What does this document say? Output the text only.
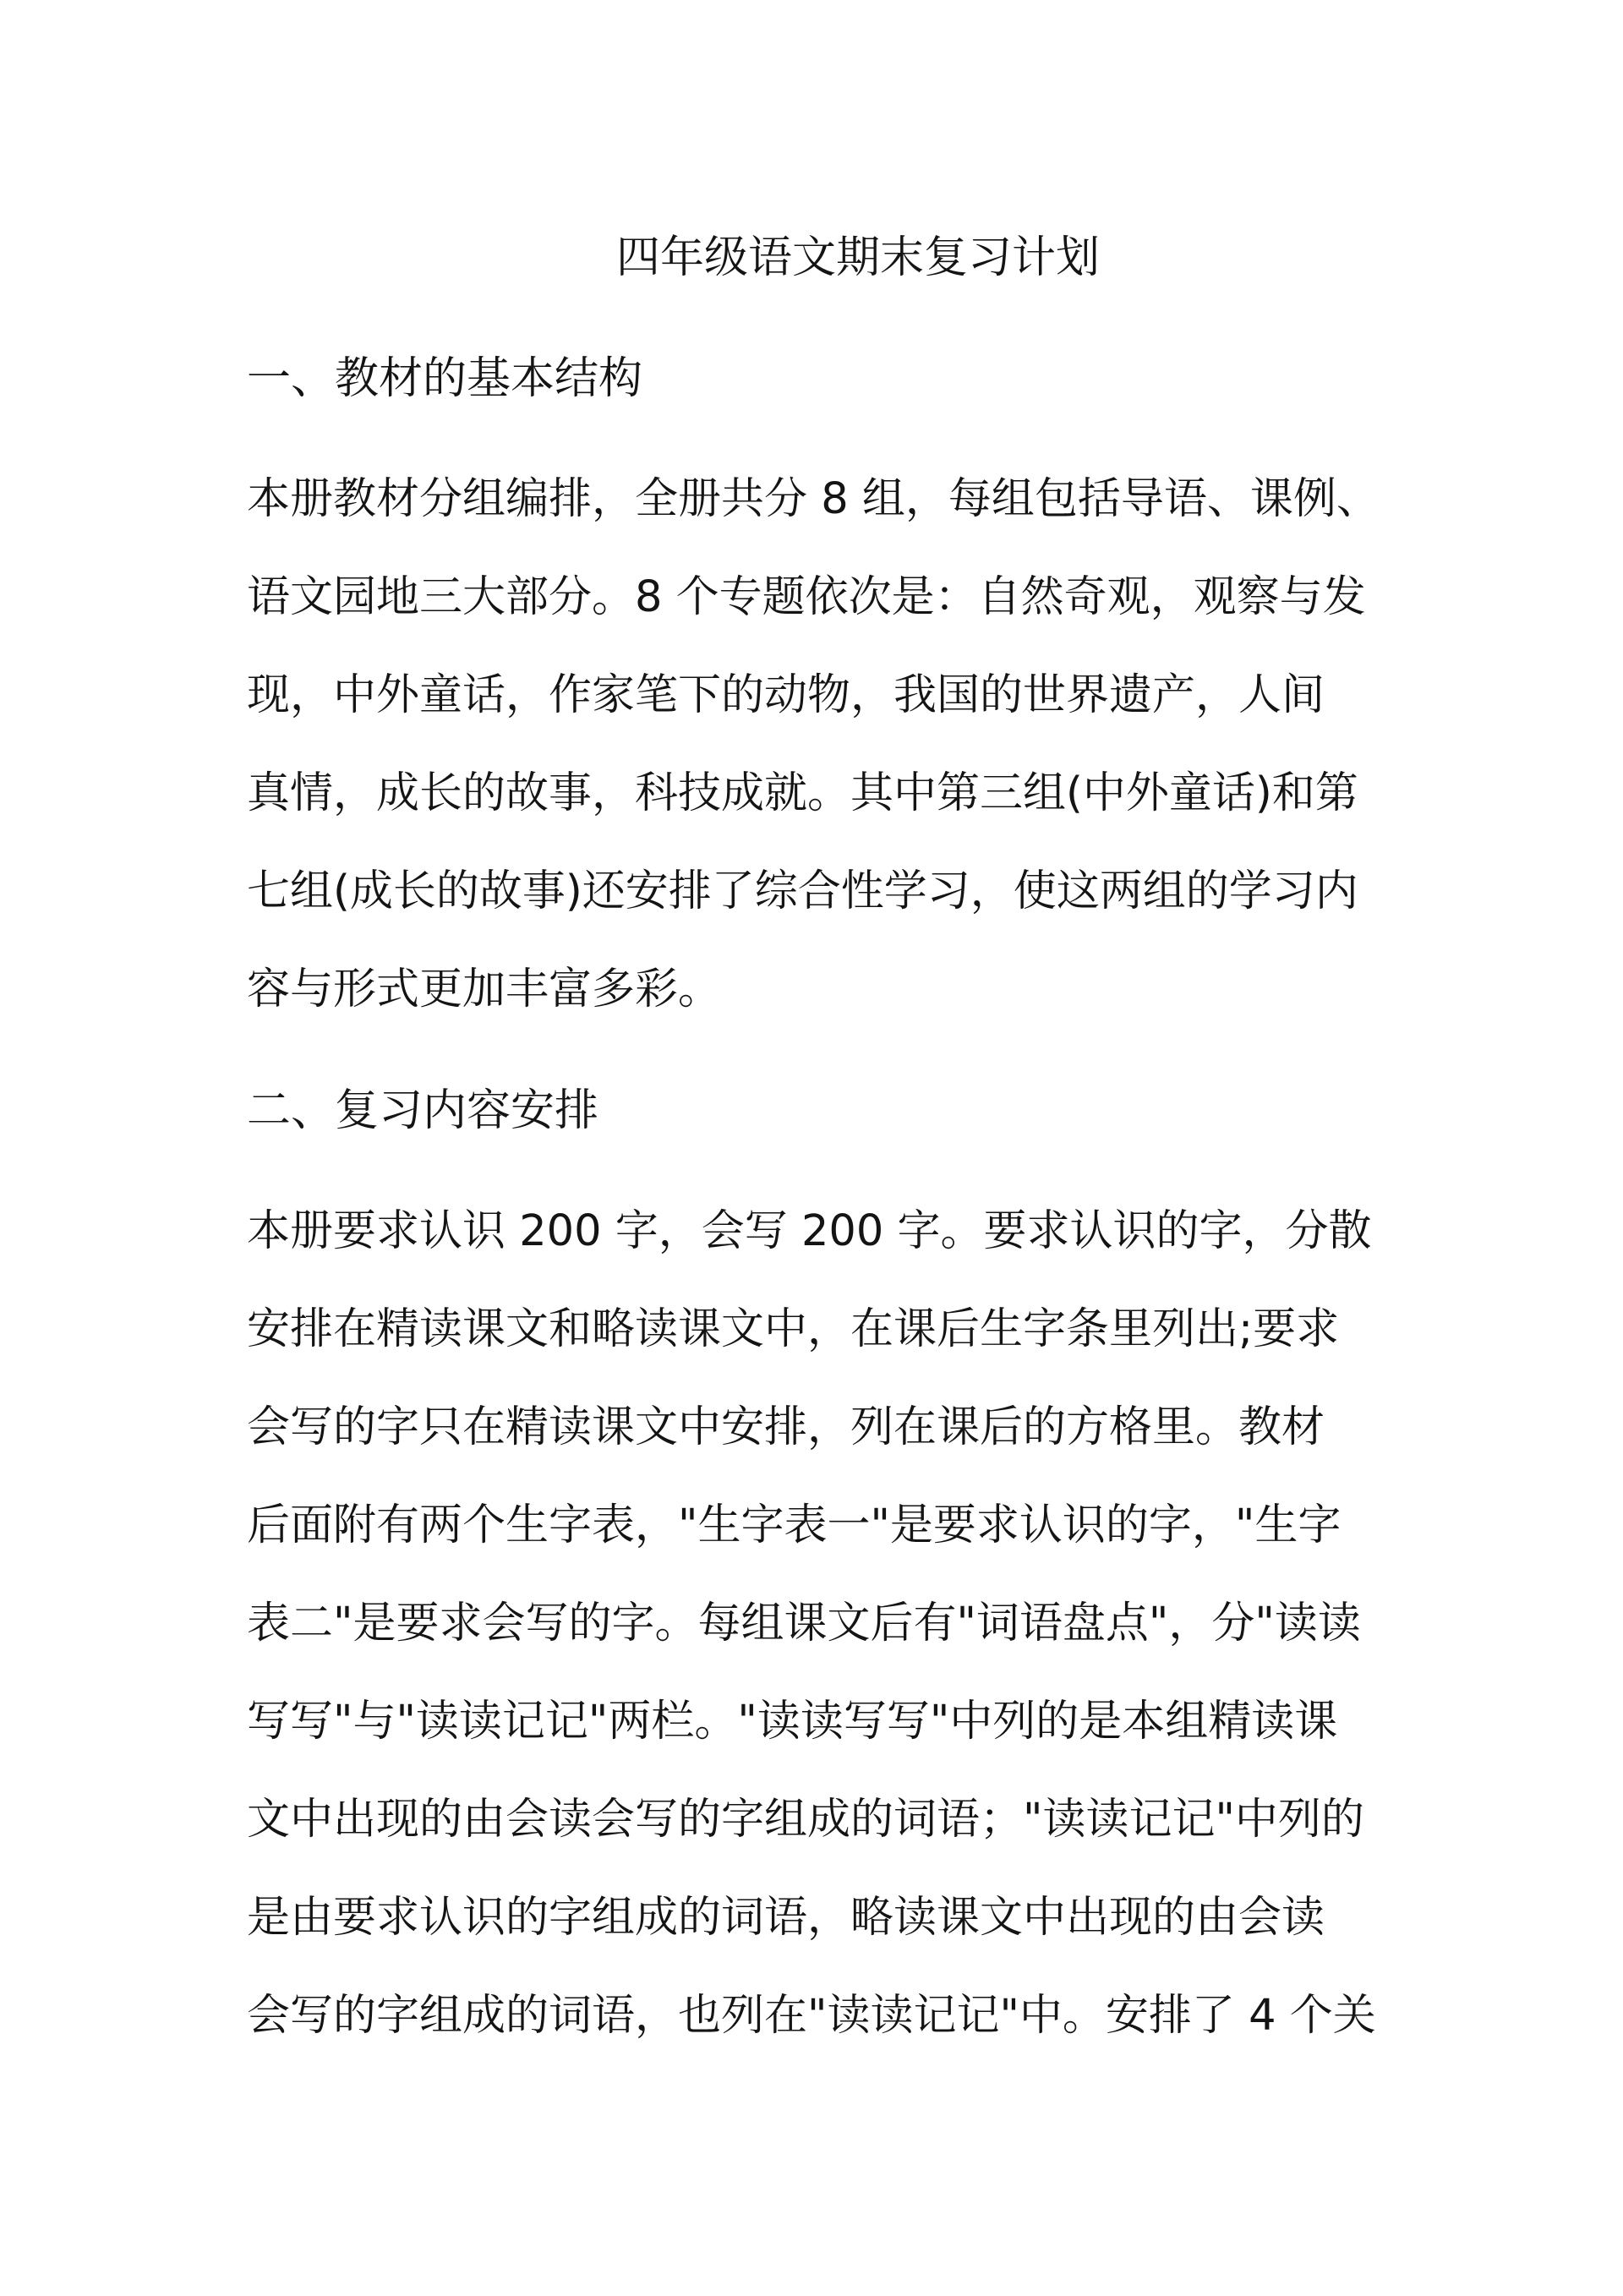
四年级语文期末复习计划
一、教材的基本结构
本册教材分组编排，全册共分 8 组，每组包括导语、课例、
语文园地三大部分。8 个专题依次是：自然奇观，观察与发
现，中外童话，作家笔下的动物，我国的世界遗产，人间
真情，成长的故事，科技成就。其中第三组(中外童话)和第
七组(成长的故事)还安排了综合性学习，使这两组的学习内
容与形式更加丰富多彩。
二、复习内容安排
本册要求认识 200 字，会写 200 字。要求认识的字，分散
安排在精读课文和略读课文中，在课后生字条里列出;要求
会写的字只在精读课文中安排，列在课后的方格里。教材
后面附有两个生字表，"生字表一"是要求认识的字，"生字
表二"是要求会写的字。每组课文后有"词语盘点"，分"读读
写写"与"读读记记"两栏。"读读写写"中列的是本组精读课
文中出现的由会读会写的字组成的词语；"读读记记"中列的
是由要求认识的字组成的词语，略读课文中出现的由会读
会写的字组成的词语，也列在"读读记记"中。安排了 4 个关
